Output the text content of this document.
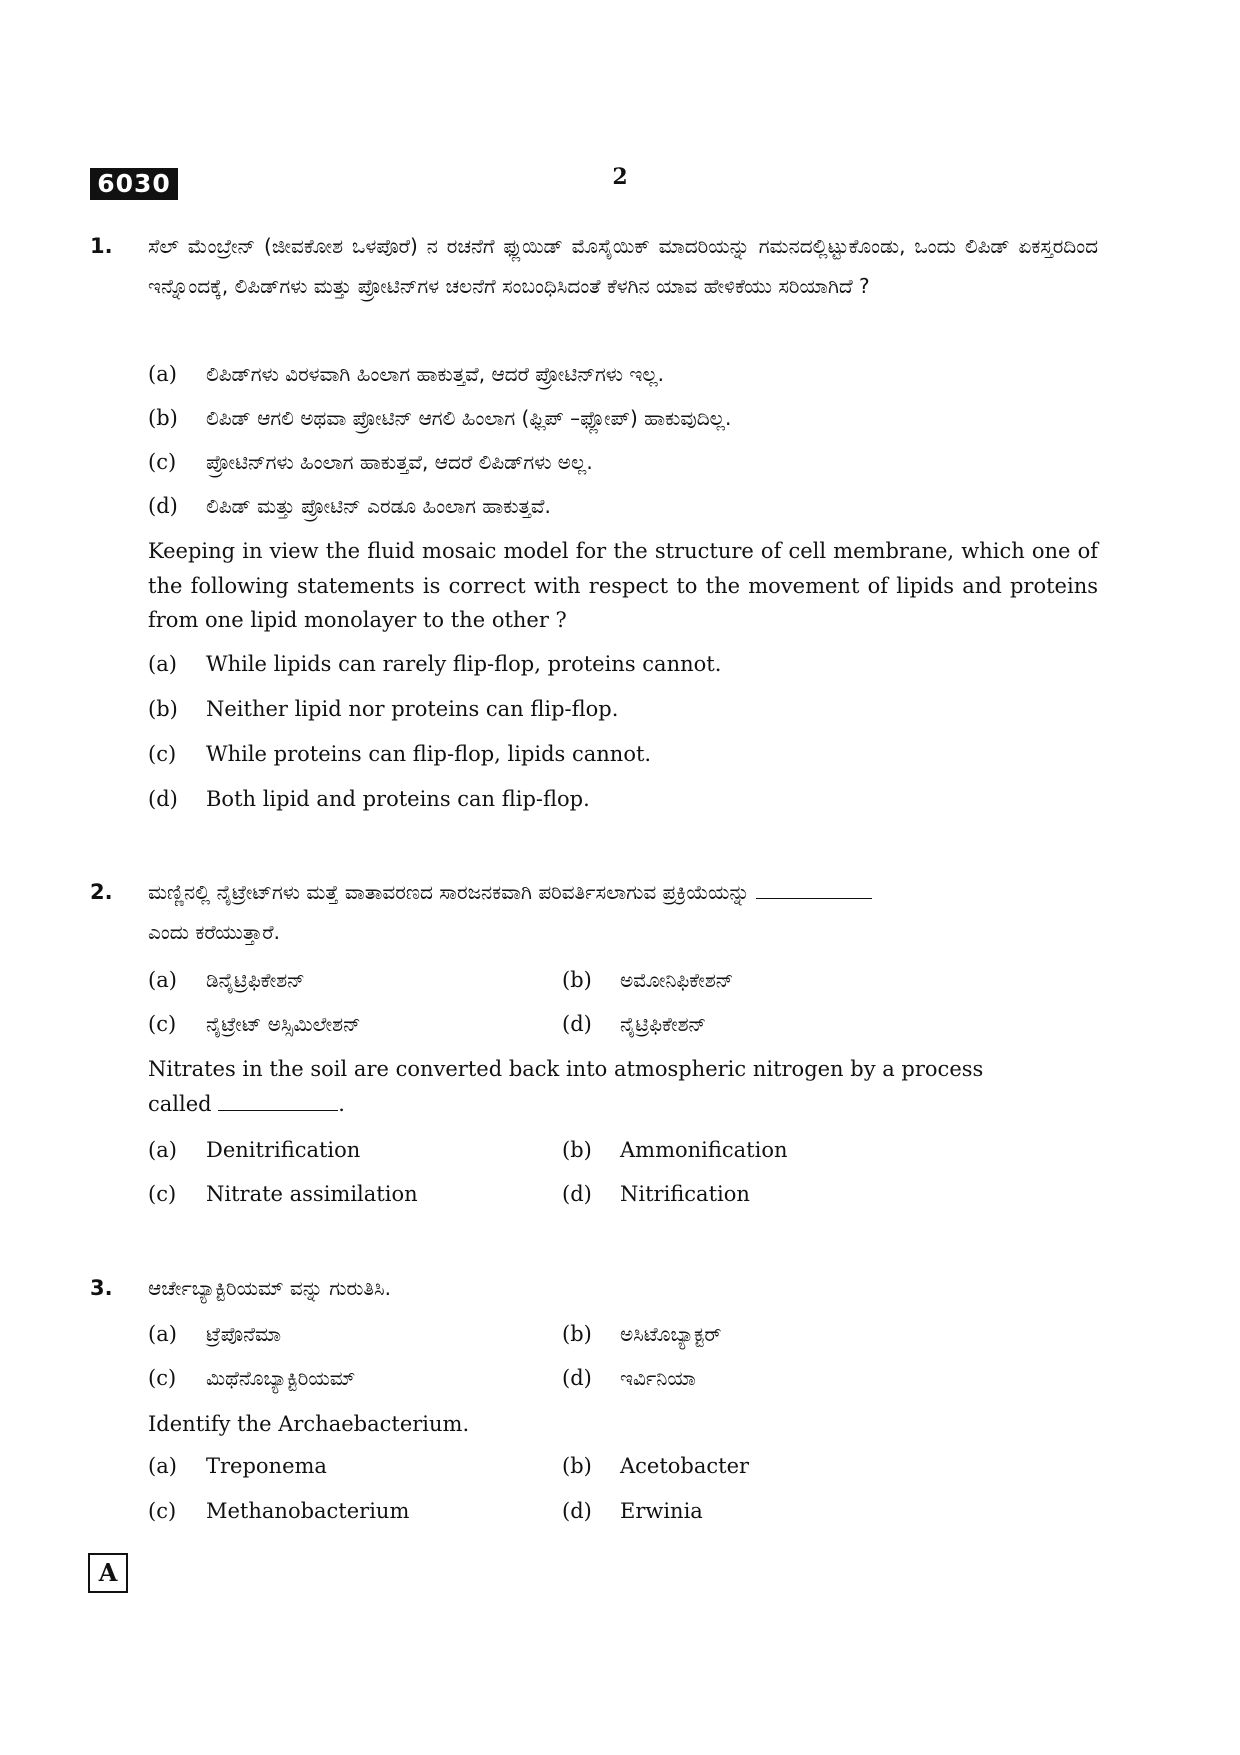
6030	2
1. ಸೆಲ್ ಮೆಂಬ್ರೇನ್ (ಜೀವಕೋಶ ಒಳಪೊರೆ) ನ ರಚನೆಗೆ ಫ್ಲುಯಿಡ್ ಮೊಸೈಯಿಕ್ ಮಾದರಿಯನ್ನು ಗಮನದಲ್ಲಿಟ್ಟುಕೊಂಡು, ಒಂದು ಲಿಪಿಡ್ ಏಕಸ್ತರದಿಂದ ಇನ್ನೊಂದಕ್ಕೆ, ಲಿಪಿಡ್‌ಗಳು ಮತ್ತು ಪ್ರೋಟಿನ್‌ಗಳ ಚಲನೆಗೆ ಸಂಬಂಧಿಸಿದಂತೆ ಕೆಳಗಿನ ಯಾವ ಹೇಳಿಕೆಯು ಸರಿಯಾಗಿದೆ ?
(a) ಲಿಪಿಡ್‌ಗಳು ವಿರಳವಾಗಿ ಹಿಂಲಾಗ ಹಾಕುತ್ತವೆ, ಆದರೆ ಪ್ರೋಟಿನ್‌ಗಳು ಇಲ್ಲ.
(b) ಲಿಪಿಡ್ ಆಗಲಿ ಅಥವಾ ಪ್ರೋಟಿನ್ ಆಗಲಿ ಹಿಂಲಾಗ (ಫ್ಲಿಪ್ –ಫ್ಲೋಪ್) ಹಾಕುವುದಿಲ್ಲ.
(c) ಪ್ರೋಟಿನ್‌ಗಳು ಹಿಂಲಾಗ ಹಾಕುತ್ತವೆ, ಆದರೆ ಲಿಪಿಡ್‌ಗಳು ಅಲ್ಲ.
(d) ಲಿಪಿಡ್ ಮತ್ತು ಪ್ರೋಟಿನ್ ಎರಡೂ ಹಿಂಲಾಗ ಹಾಕುತ್ತವೆ.
Keeping in view the fluid mosaic model for the structure of cell membrane, which one of the following statements is correct with respect to the movement of lipids and proteins from one lipid monolayer to the other ?
(a) While lipids can rarely flip-flop, proteins cannot.
(b) Neither lipid nor proteins can flip-flop.
(c) While proteins can flip-flop, lipids cannot.
(d) Both lipid and proteins can flip-flop.
2. ಮಣ್ಣಿನಲ್ಲಿ ನೈಟ್ರೇಟ್‌ಗಳು ಮತ್ತೆ ವಾತಾವರಣದ ಸಾರಜನಕವಾಗಿ ಪರಿವರ್ತಿಸಲಾಗುವ ಪ್ರಕ್ರಿಯೆಯನ್ನು
ಎಂದು ಕರೆಯುತ್ತಾರೆ.
(a) ಡಿನೈಟ್ರಿಫಿಕೇಶನ್	(b) ಅಮೋನಿಫಿಕೇಶನ್
(c) ನೈಟ್ರೇಟ್ ಅಸ್ಸಿಮಿಲೇಶನ್	(d) ನೈಟ್ರಿಫಿಕೇಶನ್
Nitrates in the soil are converted back into atmospheric nitrogen by a process
called	.
(a) Denitrification	(b) Ammonification
(c) Nitrate assimilation	(d) Nitrification
3. ಆರ್ಚೇಬ್ಯಾಕ್ಟಿರಿಯಮ್ ವನ್ನು ಗುರುತಿಸಿ.
(a) ಟ್ರೆಪೊನೆಮಾ	(b) ಅಸಿಟೊಬ್ಯಾಕ್ಟರ್
(c) ಮಿಥೆನೊಬ್ಯಾಕ್ಟಿರಿಯಮ್	(d) ಇರ್ವಿನಿಯಾ
Identify the Archaebacterium.
(a) Treponema	(b) Acetobacter
(c) Methanobacterium	(d) Erwinia
A
